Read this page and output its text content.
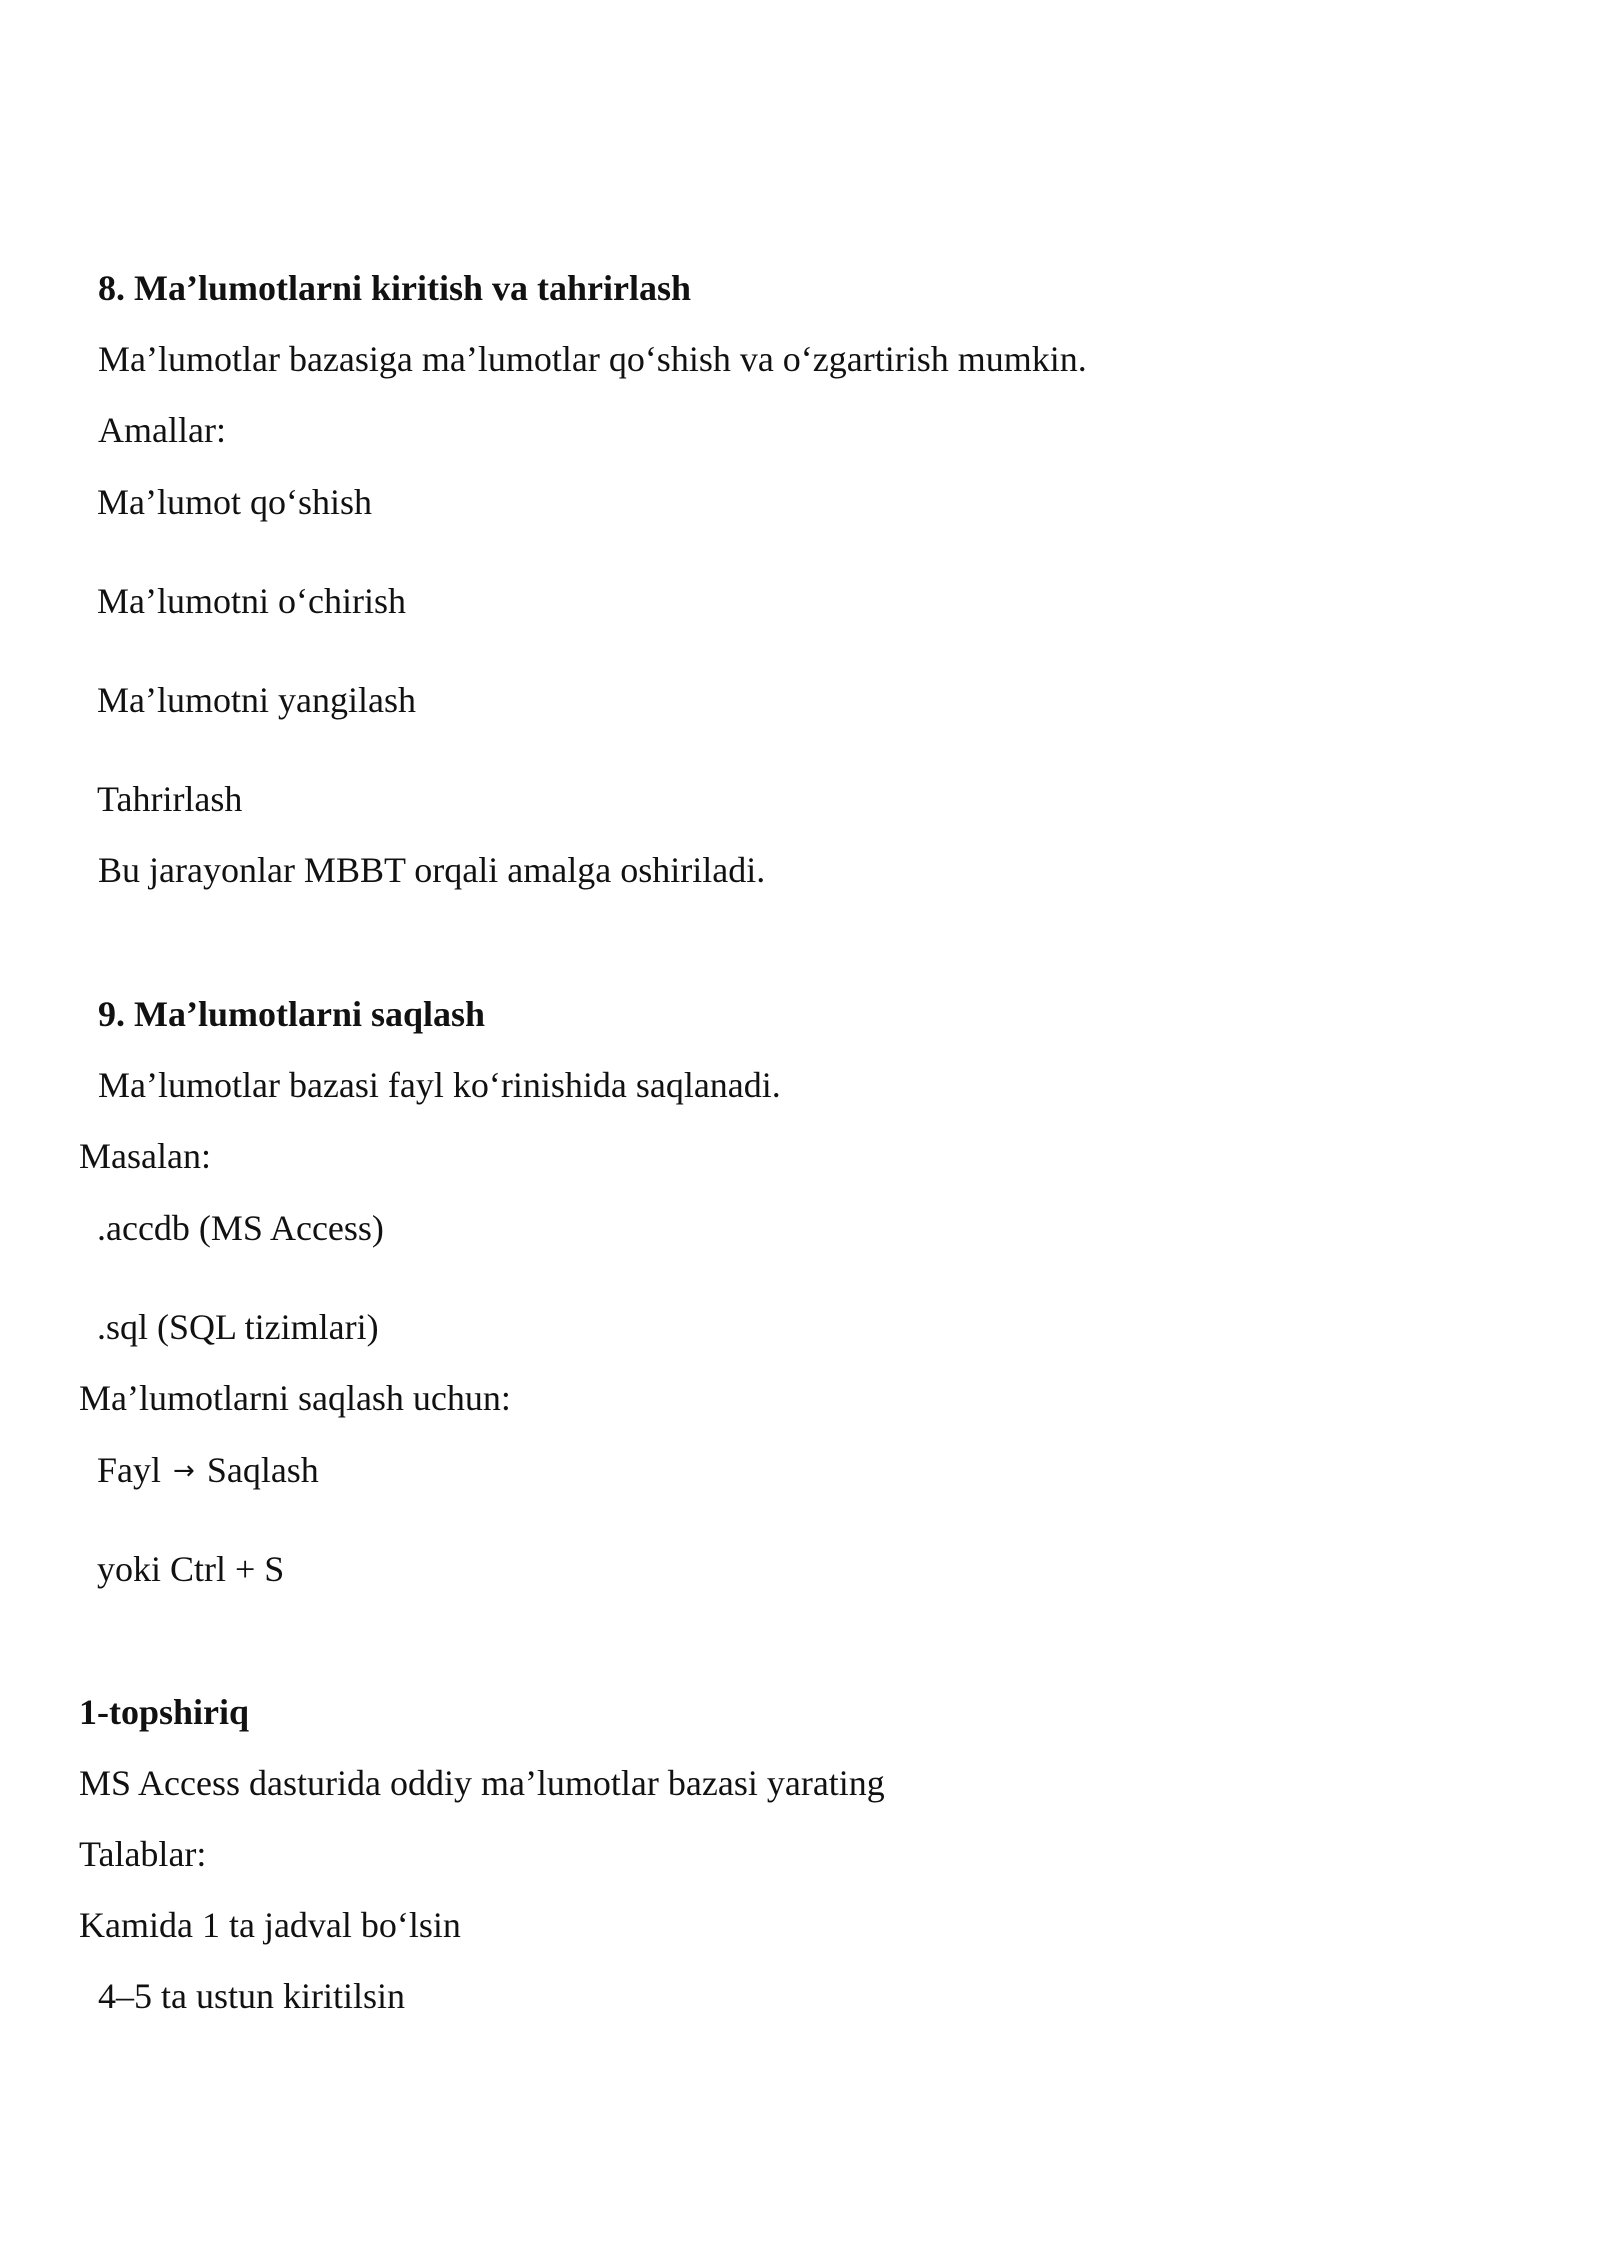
8. Ma’lumotlarni kiritish va tahrirlash
Ma’lumotlar bazasiga ma’lumotlar qo‘shish va o‘zgartirish mumkin.
Amallar:
Ma’lumot qo‘shish
Ma’lumotni o‘chirish
Ma’lumotni yangilash
Tahrirlash
Bu jarayonlar MBBT orqali amalga oshiriladi.
9. Ma’lumotlarni saqlash
Ma’lumotlar bazasi fayl ko‘rinishida saqlanadi.
Masalan:
.accdb (MS Access)
.sql (SQL tizimlari)
Ma’lumotlarni saqlash uchun:
Fayl → Saqlash
yoki Ctrl + S
1-topshiriq
MS Access dasturida oddiy ma’lumotlar bazasi yarating
Talablar:
Kamida 1 ta jadval bo‘lsin
4–5 ta ustun kiritilsin
